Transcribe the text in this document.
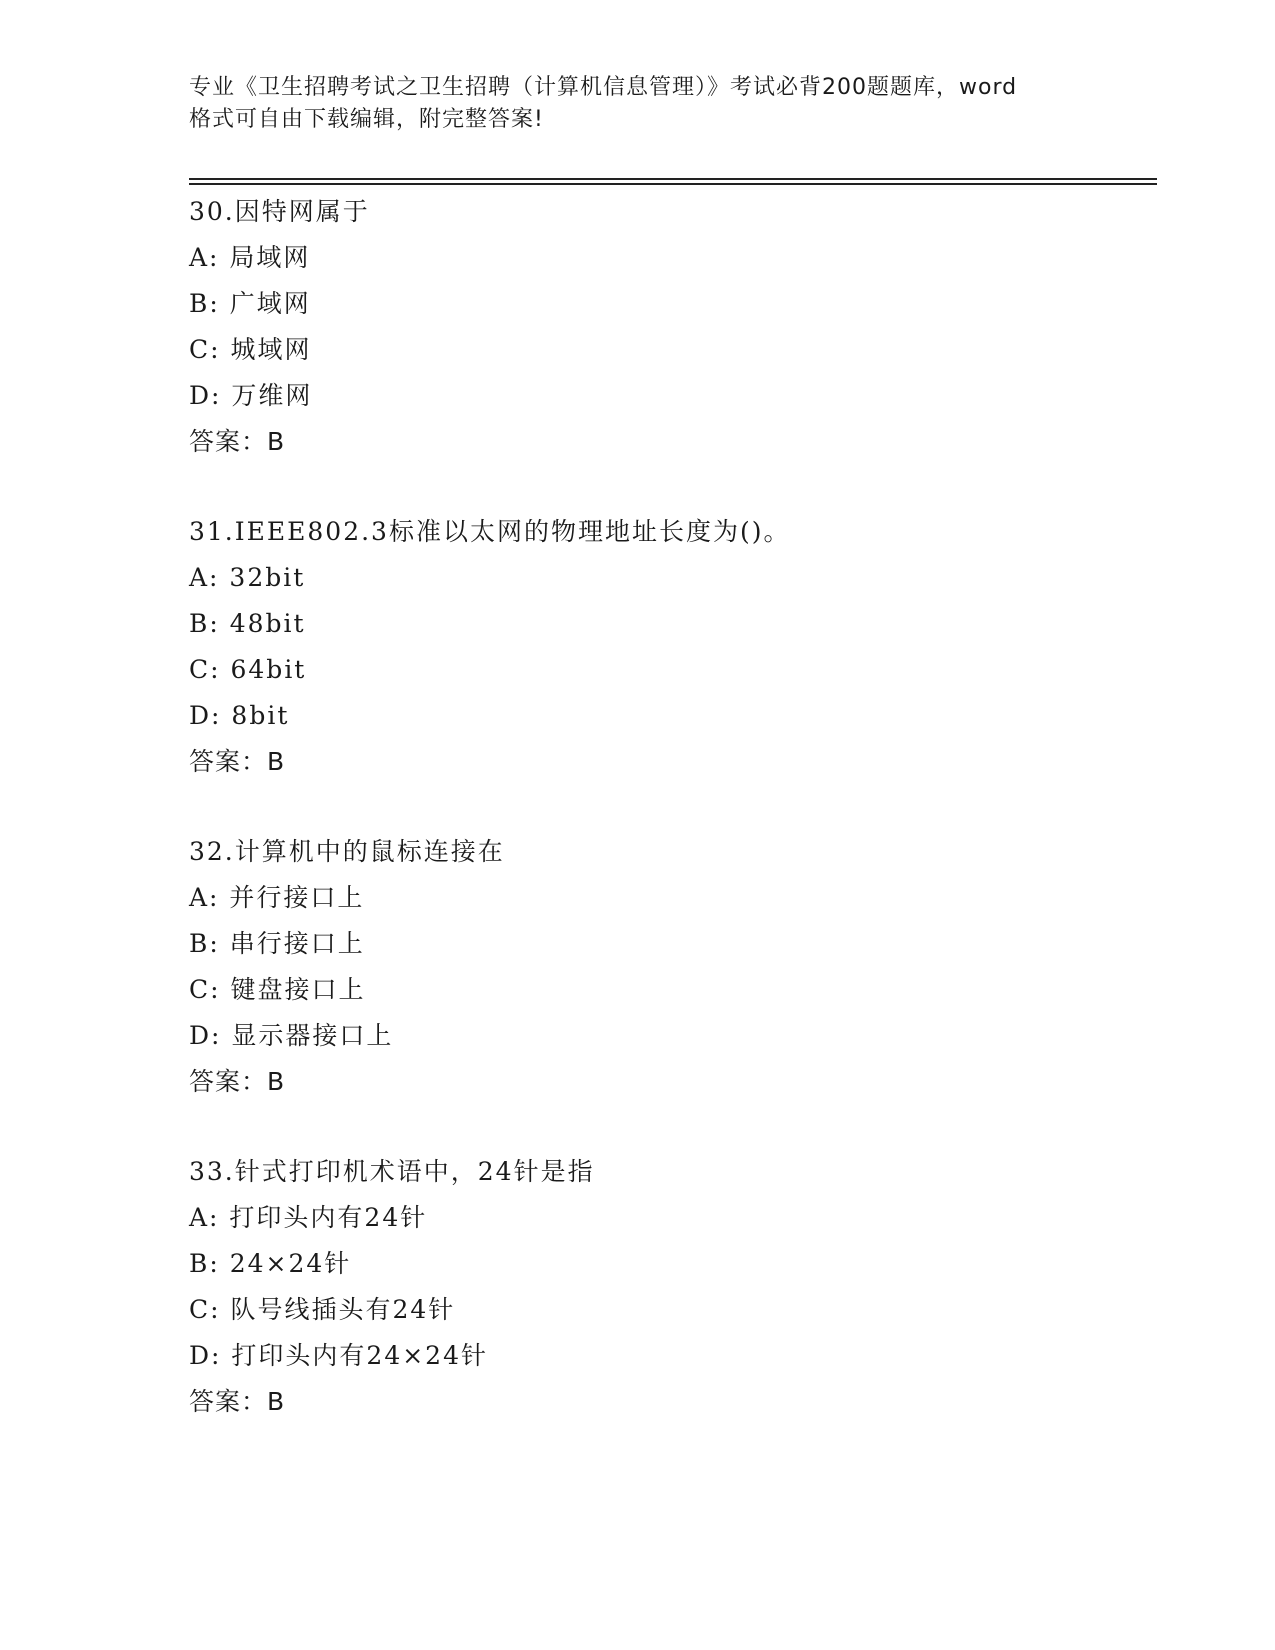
专业《卫生招聘考试之卫生招聘（计算机信息管理）》考试必背200题题库，word
格式可自由下载编辑，附完整答案!
30.因特网属于
A: 局域网
B: 广域网
C: 城域网
D: 万维网
答案：B
31.IEEE802.3标准以太网的物理地址长度为()。
A: 32bit
B: 48bit
C: 64bit
D: 8bit
答案：B
32.计算机中的鼠标连接在
A: 并行接口上
B: 串行接口上
C: 键盘接口上
D: 显示器接口上
答案：B
33.针式打印机术语中，24针是指
A: 打印头内有24针
B: 24×24针
C: 队号线插头有24针
D: 打印头内有24×24针
答案：B
